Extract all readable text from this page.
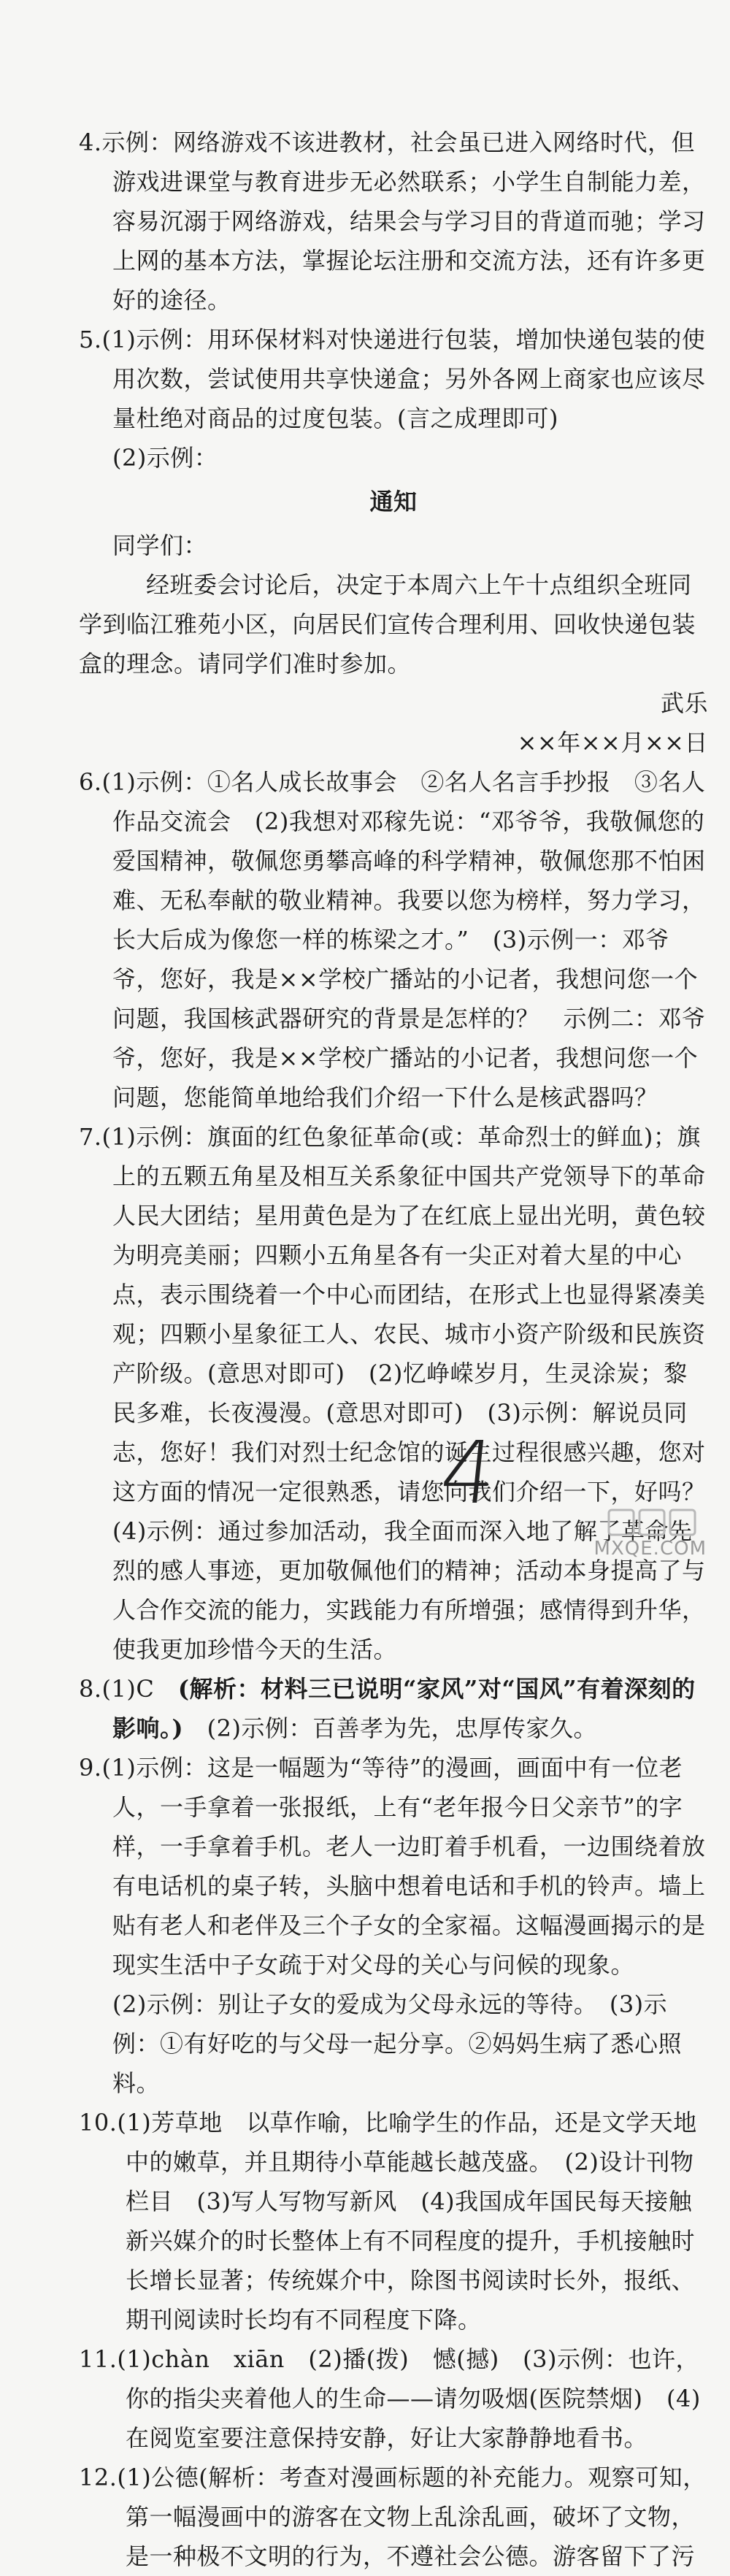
4.示例：网络游戏不该进教材，社会虽已进入网络时代，但游戏进课堂与教育进步无必然联系；小学生自制能力差，容易沉溺于网络游戏，结果会与学习目的背道而驰；学习上网的基本方法，掌握论坛注册和交流方法，还有许多更好的途径。

5.(1)示例：用环保材料对快递进行包装，增加快递包装的使用次数，尝试使用共享快递盒；另外各网上商家也应该尽量杜绝对商品的过度包装。(言之成理即可)

(2)示例：

通知

同学们：

经班委会讨论后，决定于本周六上午十点组织全班同学到临江雅苑小区，向居民们宣传合理利用、回收快递包装盒的理念。请同学们准时参加。

武乐

××年××月××日

6.(1)示例：①名人成长故事会　②名人名言手抄报　③名人作品交流会　(2)我想对邓稼先说：“邓爷爷，我敬佩您的爱国精神，敬佩您勇攀高峰的科学精神，敬佩您那不怕困难、无私奉献的敬业精神。我要以您为榜样，努力学习，长大后成为像您一样的栋梁之才。”　(3)示例一：邓爷爷，您好，我是××学校广播站的小记者，我想问您一个问题，我国核武器研究的背景是怎样的？　示例二：邓爷爷，您好，我是××学校广播站的小记者，我想问您一个问题，您能简单地给我们介绍一下什么是核武器吗？

7.(1)示例：旗面的红色象征革命(或：革命烈士的鲜血)；旗上的五颗五角星及相互关系象征中国共产党领导下的革命人民大团结；星用黄色是为了在红底上显出光明，黄色较为明亮美丽；四颗小五角星各有一尖正对着大星的中心点，表示围绕着一个中心而团结，在形式上也显得紧凑美观；四颗小星象征工人、农民、城市小资产阶级和民族资产阶级。(意思对即可)　(2)忆峥嵘岁月，生灵涂炭；黎民多难，长夜漫漫。(意思对即可)　(3)示例：解说员同志，您好！我们对烈士纪念馆的诞生过程很感兴趣，您对这方面的情况一定很熟悉，请您向我们介绍一下，好吗？　(4)示例：通过参加活动，我全面而深入地了解了革命先烈的感人事迹，更加敬佩他们的精神；活动本身提高了与人合作交流的能力，实践能力有所增强；感情得到升华，使我更加珍惜今天的生活。

8.(1)C　(解析：材料三已说明“家风”对“国风”有着深刻的影响。)　(2)示例：百善孝为先，忠厚传家久。

9.(1)示例：这是一幅题为“等待”的漫画，画面中有一位老人，一手拿着一张报纸，上有“老年报今日父亲节”的字样，一手拿着手机。老人一边盯着手机看，一边围绕着放有电话机的桌子转，头脑中想着电话和手机的铃声。墙上贴有老人和老伴及三个子女的全家福。这幅漫画揭示的是现实生活中子女疏于对父母的关心与问候的现象。

(2)示例：别让子女的爱成为父母永远的等待。　(3)示例：①有好吃的与父母一起分享。②妈妈生病了悉心照料。

10.(1)芳草地　以草作喻，比喻学生的作品，还是文学天地中的嫩草，并且期待小草能越长越茂盛。　(2)设计刊物栏目　(3)写人写物写新风　(4)我国成年国民每天接触新兴媒介的时长整体上有不同程度的提升，手机接触时长增长显著；传统媒介中，除图书阅读时长外，报纸、期刊阅读时长均有不同程度下降。

11.(1)chàn　xiān　(2)播(拨)　憾(撼)　(3)示例：也许，你的指尖夹着他人的生命——请勿吸烟(医院禁烟)　(4)在阅览室要注意保持安静，好让大家静静地看书。

12.(1)公德(解析：考查对漫画标题的补充能力。观察可知，第一幅漫画中的游客在文物上乱涂乱画，破坏了文物，是一种极不文明的行为，不遵社会公德。游客留下了污

4
MXQE.COM
